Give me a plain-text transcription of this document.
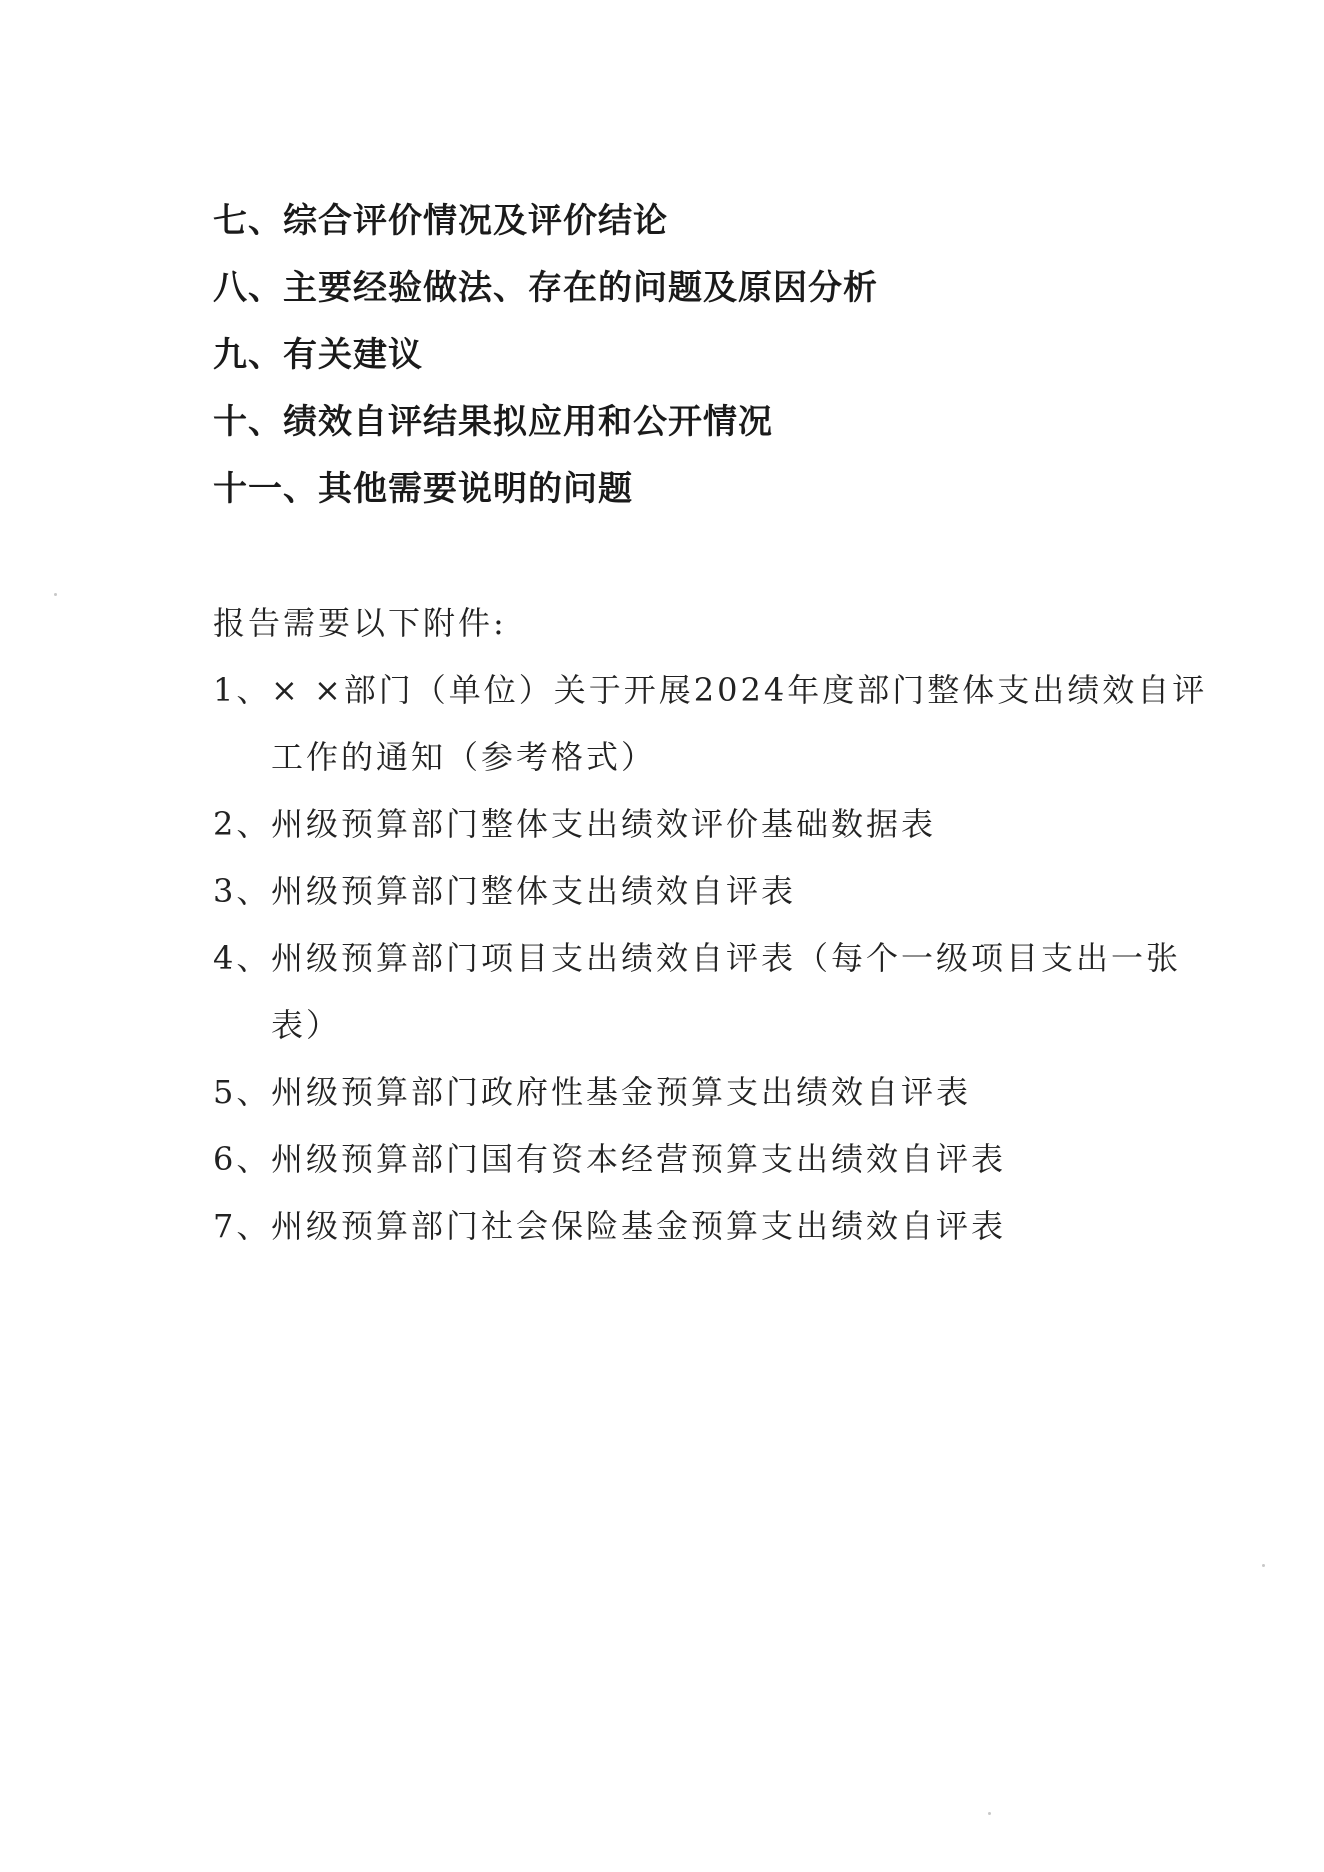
七、综合评价情况及评价结论
八、主要经验做法、存在的问题及原因分析
九、有关建议
十、绩效自评结果拟应用和公开情况
十一、其他需要说明的问题
报告需要以下附件:
1、 × ×部门（单位）关于开展2024年度部门整体支出绩效自评工作的通知（参考格式）
2、 州级预算部门整体支出绩效评价基础数据表
3、 州级预算部门整体支出绩效自评表
4、 州级预算部门项目支出绩效自评表（每个一级项目支出一张表）
5、 州级预算部门政府性基金预算支出绩效自评表
6、 州级预算部门国有资本经营预算支出绩效自评表
7、 州级预算部门社会保险基金预算支出绩效自评表
